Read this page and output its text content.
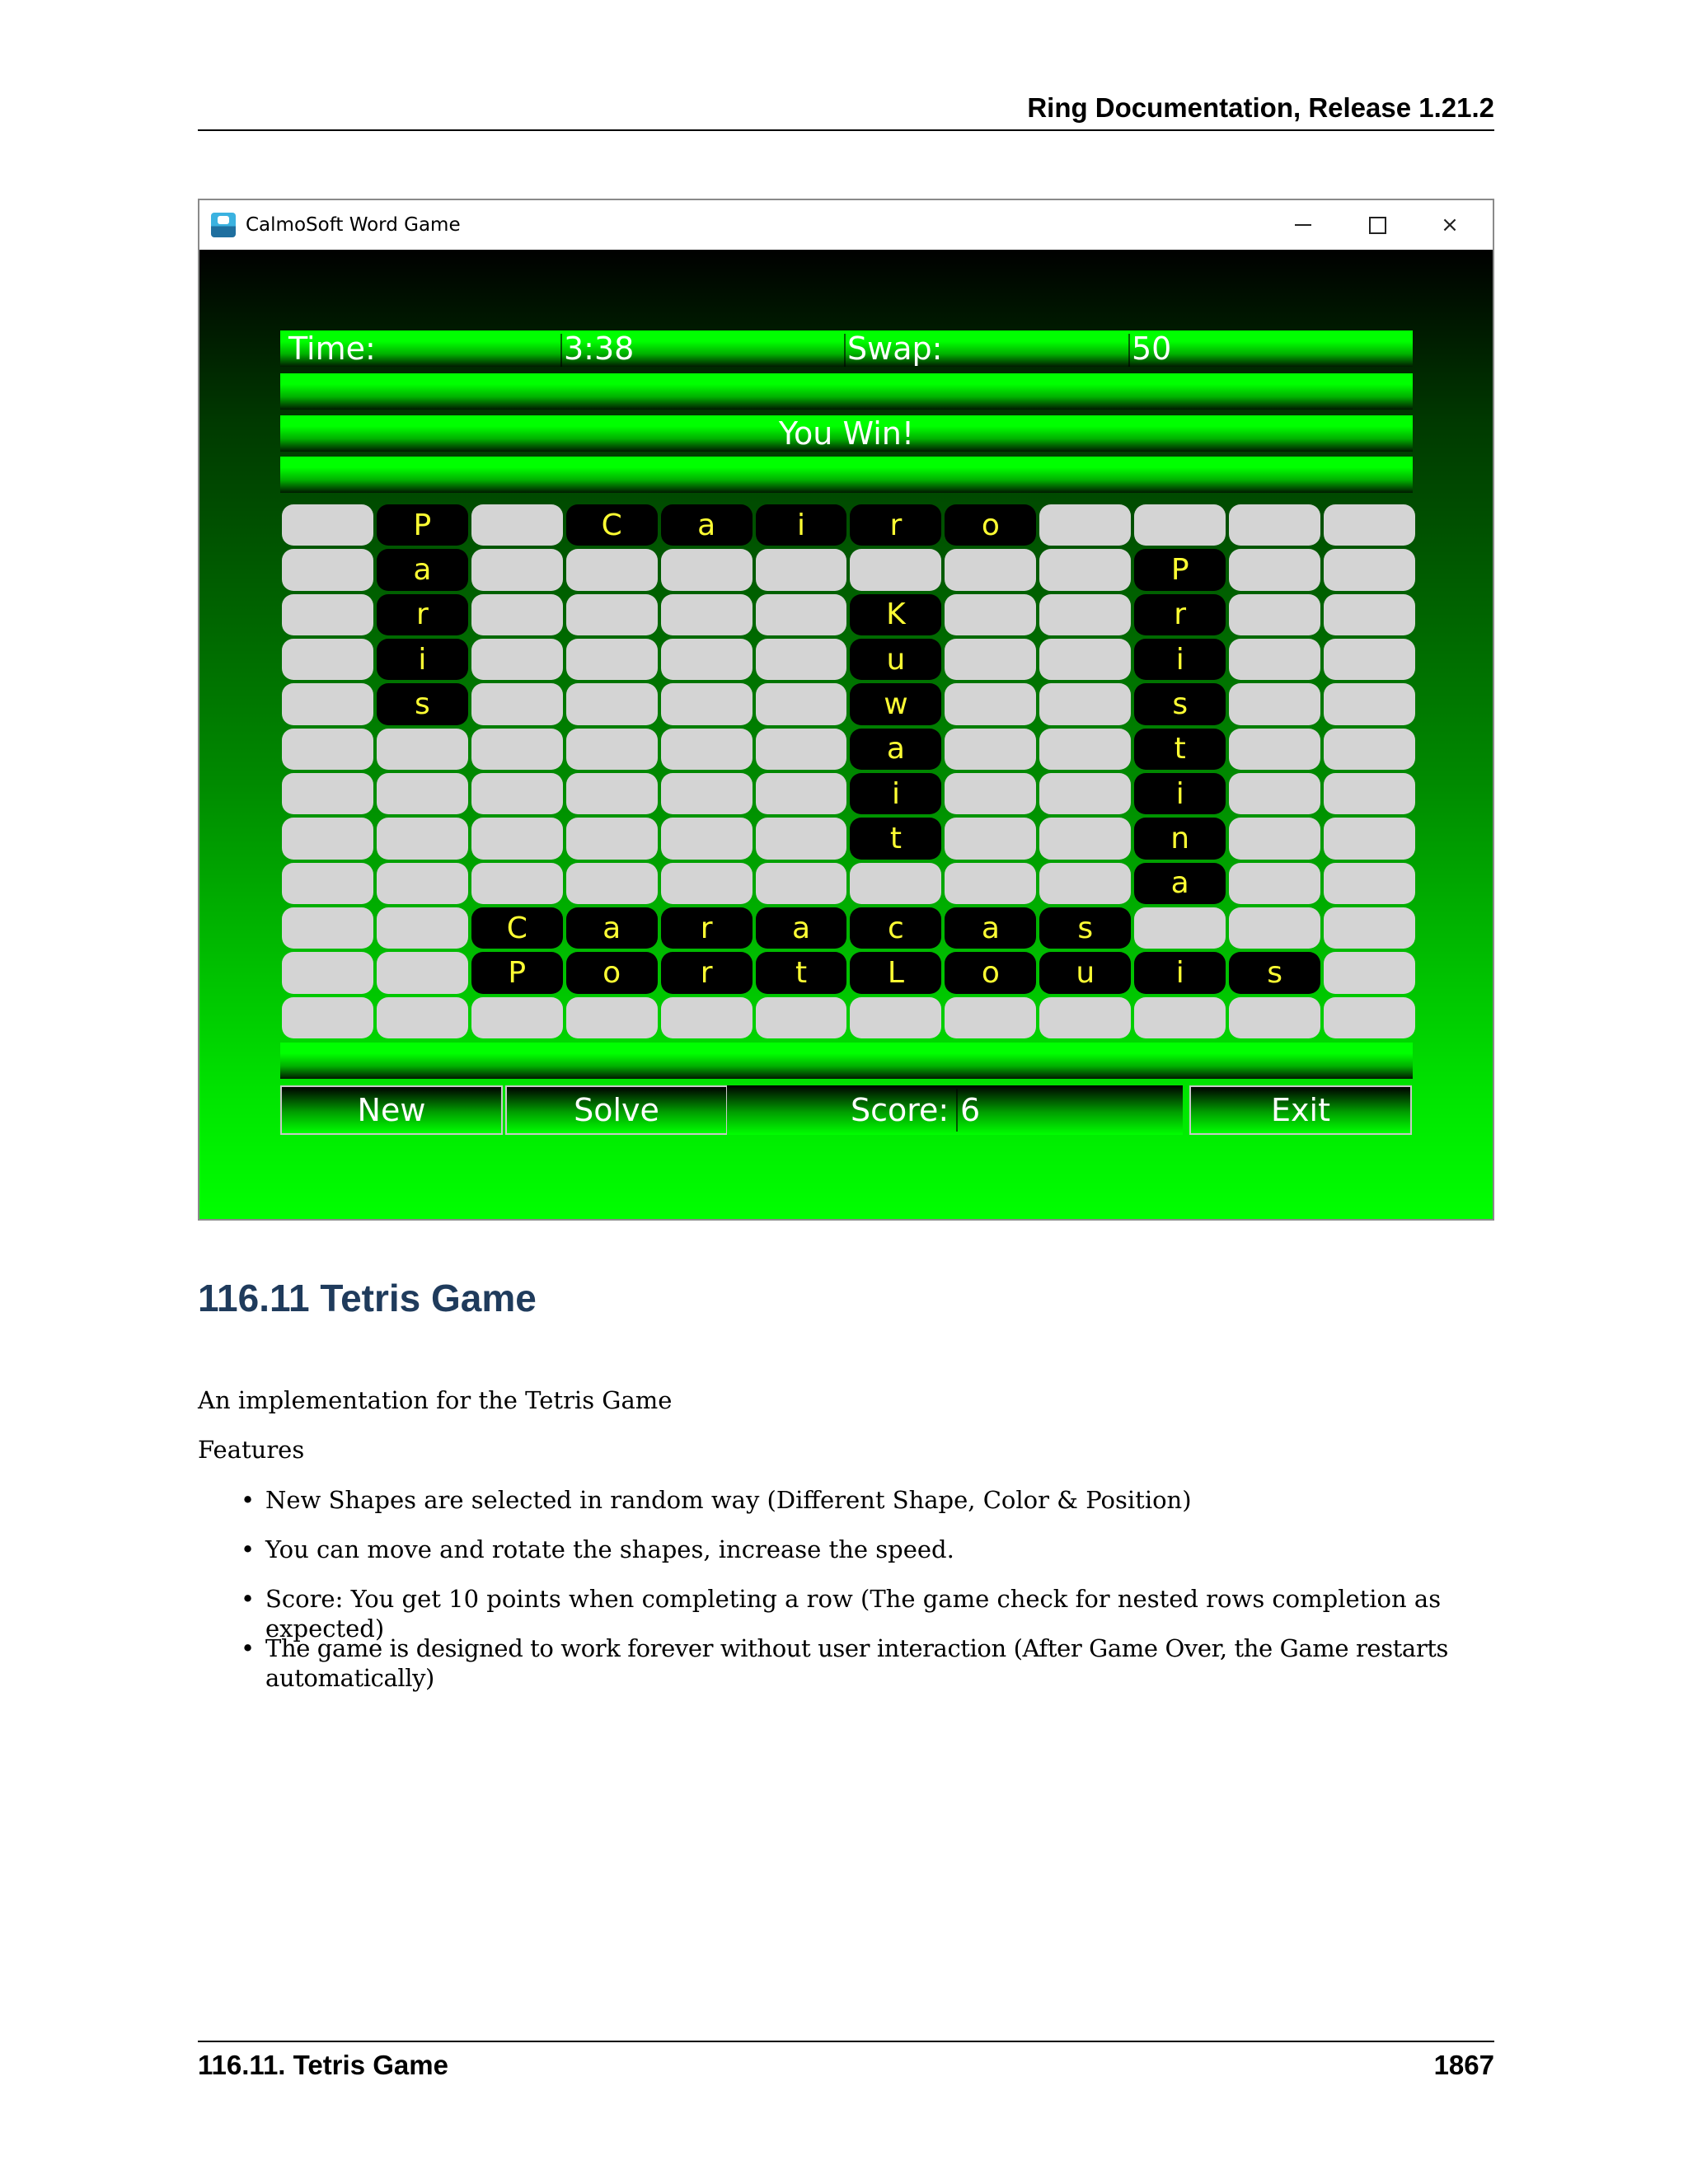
Ring Documentation, Release 1.21.2
CalmoSoft Word Game	×
Time:	3:38	Swap:	50
You Win!
P	C	a	i	r	o
a	P
r	K	r
i	u	i
s	w	s
a	t
i	i
t	n
a
C	a	r	a	c	a	s
P	o	r	t	L	o	u	i	s
New	Solve	Score: 6	Exit
116.11 Tetris Game
An implementation for the Tetris Game
Features
• New Shapes are selected in random way (Different Shape, Color & Position)
• You can move and rotate the shapes, increase the speed.
• Score: You get 10 points when completing a row (The game check for nested rows completion as expected)
• The game is designed to work forever without user interaction (After Game Over, the Game restarts automatically)
116.11. Tetris Game	1867
